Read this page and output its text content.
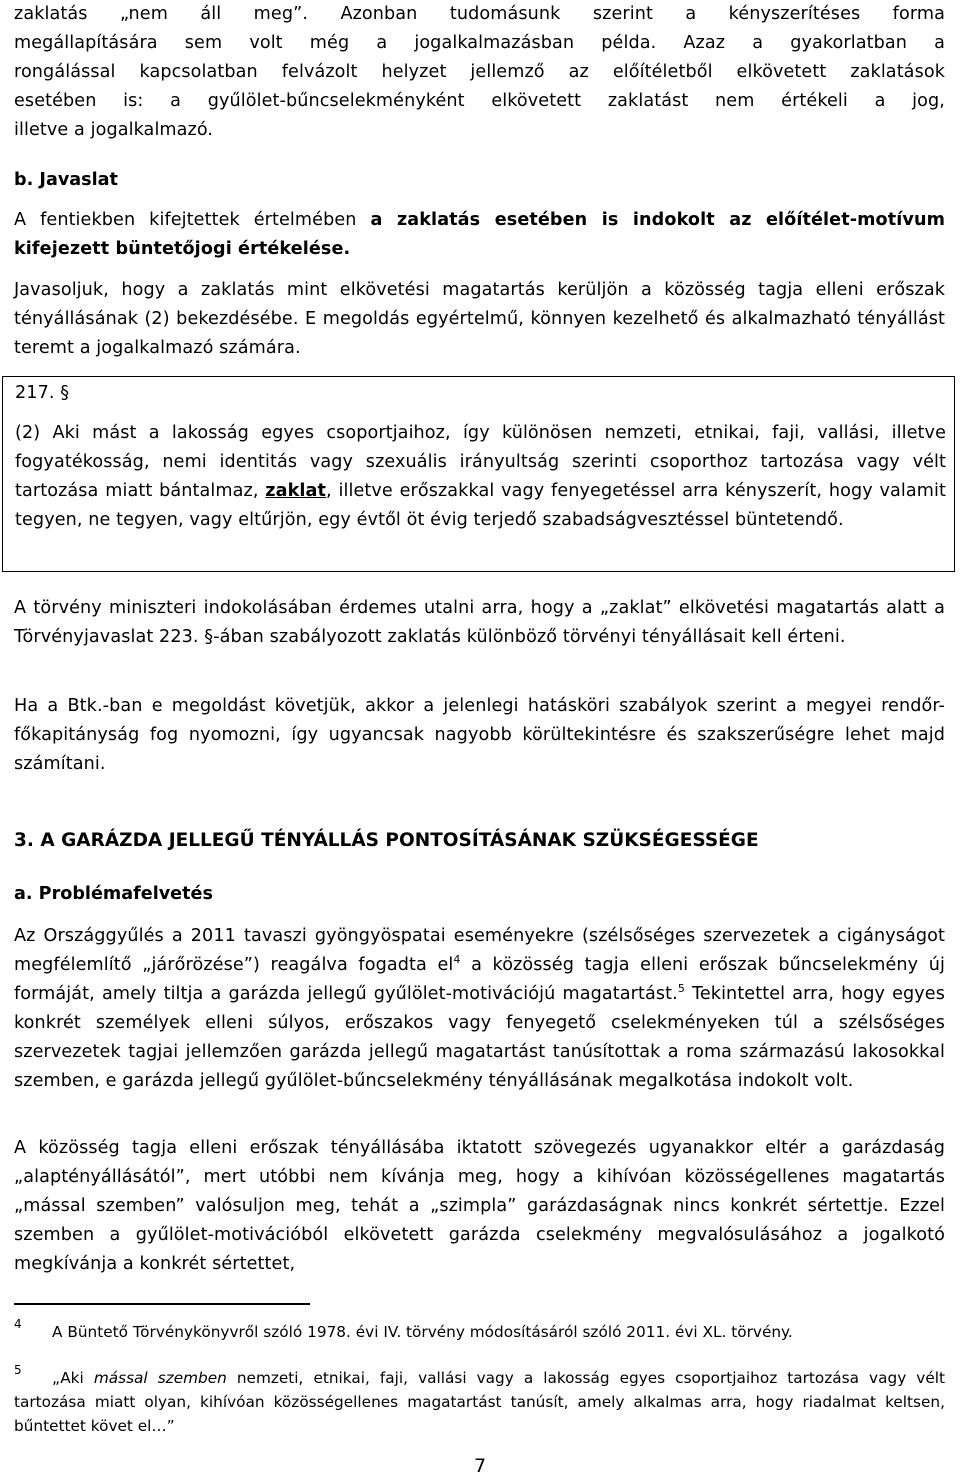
zaklatás „nem áll meg”. Azonban tudomásunk szerint a kényszerítéses forma

megállapítására sem volt még a jogalkalmazásban példa. Azaz a gyakorlatban a

rongálással kapcsolatban felvázolt helyzet jellemző az előítéletből elkövetett zaklatások

esetében is: a gyűlölet-bűncselekményként elkövetett zaklatást nem értékeli a jog,

illetve a jogalkalmazó.

b. Javaslat

A fentiekben kifejtettek értelmében a zaklatás esetében is indokolt az előítélet-motívum kifejezett büntetőjogi értékelése.

Javasoljuk, hogy a zaklatás mint elkövetési magatartás kerüljön a közösség tagja elleni erőszak tényállásának (2) bekezdésébe. E megoldás egyértelmű, könnyen kezelhető és alkalmazható tényállást teremt a jogalkalmazó számára.

217. §

(2) Aki mást a lakosság egyes csoportjaihoz, így különösen nemzeti, etnikai, faji, vallási, illetve fogyatékosság, nemi identitás vagy szexuális irányultság szerinti csoporthoz tartozása vagy vélt tartozása miatt bántalmaz, zaklat, illetve erőszakkal vagy fenyegetéssel arra kényszerít, hogy valamit tegyen, ne tegyen, vagy eltűrjön, egy évtől öt évig terjedő szabadságvesztéssel büntetendő.

A törvény miniszteri indokolásában érdemes utalni arra, hogy a „zaklat” elkövetési magatartás alatt a Törvényjavaslat 223. §-ában szabályozott zaklatás különböző törvényi tényállásait kell érteni.

Ha a Btk.-ban e megoldást követjük, akkor a jelenlegi hatásköri szabályok szerint a megyei rendőr-főkapitányság fog nyomozni, így ugyancsak nagyobb körültekintésre és szakszerűségre lehet majd számítani.

3. A GARÁZDA JELLEGŰ TÉNYÁLLÁS PONTOSÍTÁSÁNAK SZÜKSÉGESSÉGE

a. Problémafelvetés

Az Országgyűlés a 2011 tavaszi gyöngyöspatai eseményekre (szélsőséges szervezetek a cigányságot megfélemlítő „járőrözése”) reagálva fogadta $el^4$ a közösség tagja elleni erőszak bűncselekmény új formáját, amely tiltja a garázda jellegű gyűlölet-motivációjú magatartást.$^5$ Tekintettel arra, hogy egyes konkrét személyek elleni súlyos, erőszakos vagy fenyegető cselekményeken túl a szélsőséges szervezetek tagjai jellemzően garázda jellegű magatartást tanúsítottak a roma származású lakosokkal szemben, e garázda jellegű gyűlölet-bűncselekmény tényállásának megalkotása indokolt volt.

A közösség tagja elleni erőszak tényállásába iktatott szövegezés ugyanakkor eltér a garázdaság „alaptényállásától”, mert utóbbi nem kívánja meg, hogy a kihívóan közösségellenes magatartás „mással szemben” valósuljon meg, tehát a „szimpla” garázdaságnak nincs konkrét sértettje. Ezzel szemben a gyűlölet-motivációból elkövetett garázda cselekmény megvalósulásához a jogalkotó megkívánja a konkrét sértettet,

4	A Büntető Törvénykönyvről szóló 1978. évi IV. törvény módosításáról szóló 2011. évi XL. törvény.
5	„Aki mással szemben nemzeti, etnikai, faji, vallási vagy a lakosság egyes csoportjaihoz tartozása vagy vélt tartozása miatt olyan, kihívóan közösségellenes magatartást tanúsít, amely alkalmas arra, hogy riadalmat keltsen, bűntettet követ el…”
7
